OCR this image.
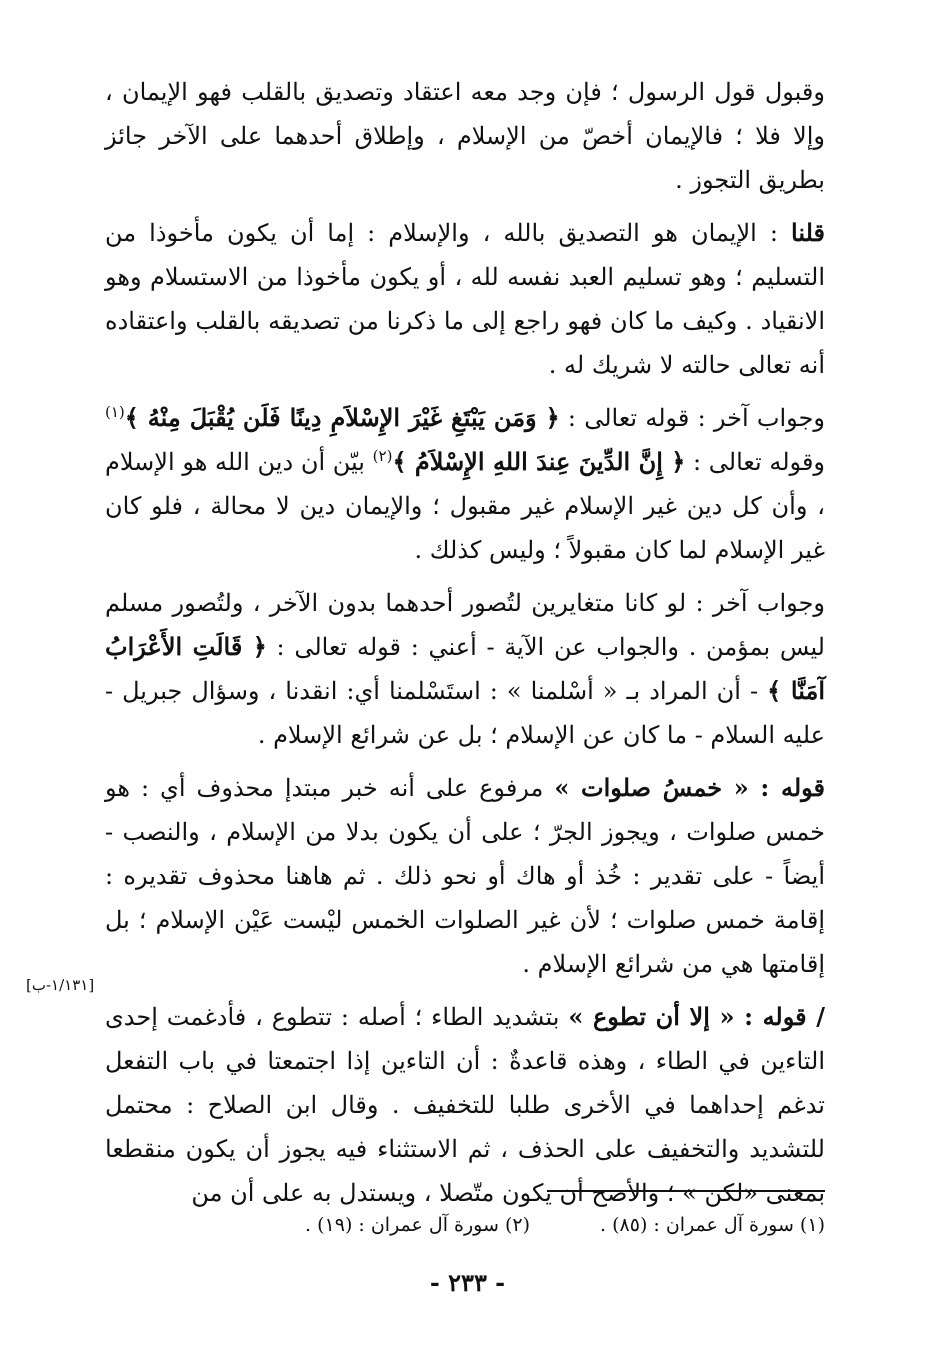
وقبول قول الرسول ؛ فإن وجد معه اعتقاد وتصديق بالقلب فهو الإيمان ، وإلا فلا ؛ فالإيمان أخصّ من الإسلام ، وإطلاق أحدهما على الآخر جائز بطريق التجوز .

قلنا : الإيمان هو التصديق بالله ، والإسلام : إما أن يكون مأخوذا من التسليم ؛ وهو تسليم العبد نفسه لله ، أو يكون مأخوذا من الاستسلام وهو الانقياد . وكيف ما كان فهو راجع إلى ما ذكرنا من تصديقه بالقلب واعتقاده أنه تعالى حالته لا شريك له .

وجواب آخر : قوله تعالى : ﴿ وَمَن يَبْتَغِ غَيْرَ الإِسْلاَمِ دِينًا فَلَن يُقْبَلَ مِنْهُ ﴾$^{(١)}$ وقوله تعالى : ﴿ إِنَّ الدِّينَ عِندَ اللهِ الإِسْلاَمُ ﴾$^{(٢)}$ بيّن أن دين الله هو الإسلام ، وأن كل دين غير الإسلام غير مقبول ؛ والإيمان دين لا محالة ، فلو كان غير الإسلام لما كان مقبولاً ؛ وليس كذلك .

وجواب آخر : لو كانا متغايرين لتُصور أحدهما بدون الآخر ، ولتُصور مسلم ليس بمؤمن . والجواب عن الآية - أعني : قوله تعالى : ﴿ قَالَتِ الأَعْرَابُ آمَنَّا ﴾ - أن المراد بـ « أسْلمنا » : استَسْلمنا أي: انقدنا ، وسؤال جبريل - عليه السلام - ما كان عن الإسلام ؛ بل عن شرائع الإسلام .

قوله : « خمسُ صلوات » مرفوع على أنه خبر مبتدإ محذوف أي : هو خمس صلوات ، ويجوز الجرّ ؛ على أن يكون بدلا من الإسلام ، والنصب - أيضاً - على تقدير : خُذ أو هاك أو نحو ذلك . ثم هاهنا محذوف تقديره : إقامة خمس صلوات ؛ لأن غير الصلوات الخمس ليْست عَيْن الإسلام ؛ بل إقامتها هي من شرائع الإسلام .

/ قوله : « إلا أن تطوع » بتشديد الطاء ؛ أصله : تتطوع ، فأدغمت إحدى التاءين في الطاء ، وهذه قاعدةٌ : أن التاءين إذا اجتمعتا في باب التفعل تدغم إحداهما في الأخرى طلبا للتخفيف . وقال ابن الصلاح : محتمل للتشديد والتخفيف على الحذف ، ثم الاستثناء فيه يجوز أن يكون منقطعا بمعنى «لكن » ؛ والأصح أن يكون متّصلا ، ويستدل به على أن من

[١/١٣١-ب]
(١) سورة آل عمران : (٨٥) .
(٢) سورة آل عمران : (١٩) .
- ٢٣٣ -
